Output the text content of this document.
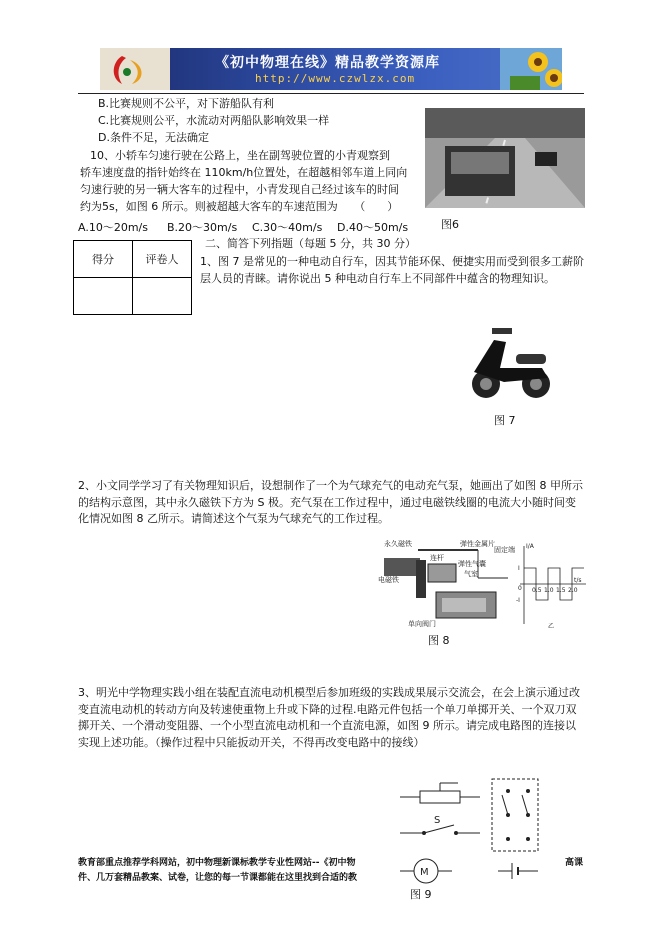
《初中物理在线》精品教学资源库
http://www.czwlzx.com
B.比赛规则不公平，对下游船队有利
C.比赛规则公平，水流动对两船队影响效果一样
D.条件不足，无法确定
10、小轿车匀速行驶在公路上，坐在副驾驶位置的小青观察到
轿车速度盘的指针始终在 110km/h位置处，在超越相邻车道上同向
匀速行驶的另一辆大客车的过程中，小青发现自己经过该车的时间
约为5s，如图 6 所示。则被超越大客车的车速范围为　　（　　）
A.10～20m/s B.20～30m/s C.30～40m/s D.40～50m/s	图6
得分	评卷人

二、简答下列指题（每题 5 分，共 30 分）
1、图 7 是常见的一种电动自行车，因其节能环保、便捷实用而受到很多工薪阶层人员的青睐。请你说出 5 种电动自行车上不同部件中蕴含的物理知识。
图 7
2、小文同学学习了有关物理知识后，设想制作了一个为气球充气的电动充气泵，她画出了如图 8 甲所示的结构示意图，其中永久磁铁下方为 S 极。充气泵在工作过程中，通过电磁铁线圈的电流大小随时间变化情况如图 8 乙所示。请简述这个气泵为气球充气的工作过程。
永久磁铁
电磁铁
连杆
弹性金属片
固定端
弹性气囊
气室
单向阀门
I/A
t/s
I
-I
0 0.5 1.0 1.5 2.0
乙
图 8
3、明光中学物理实践小组在装配直流电动机模型后参加班级的实践成果展示交流会，在会上演示通过改变直流电动机的转动方向及转速使重物上升或下降的过程.电路元件包括一个单刀单掷开关、一个双刀双掷开关、一个滑动变阻器、一个小型直流电动机和一个直流电源，如图 9 所示。请完成电路图的连接以实现上述功能。（操作过程中只能扳动开关，不得再改变电路中的接线）
S
M
图 9
教育部重点推荐学科网站，初中物理新课标教学专业性网站--《初中物	高课
件、几万套精品教案、试卷，让您的每一节课都能在这里找到合适的教
